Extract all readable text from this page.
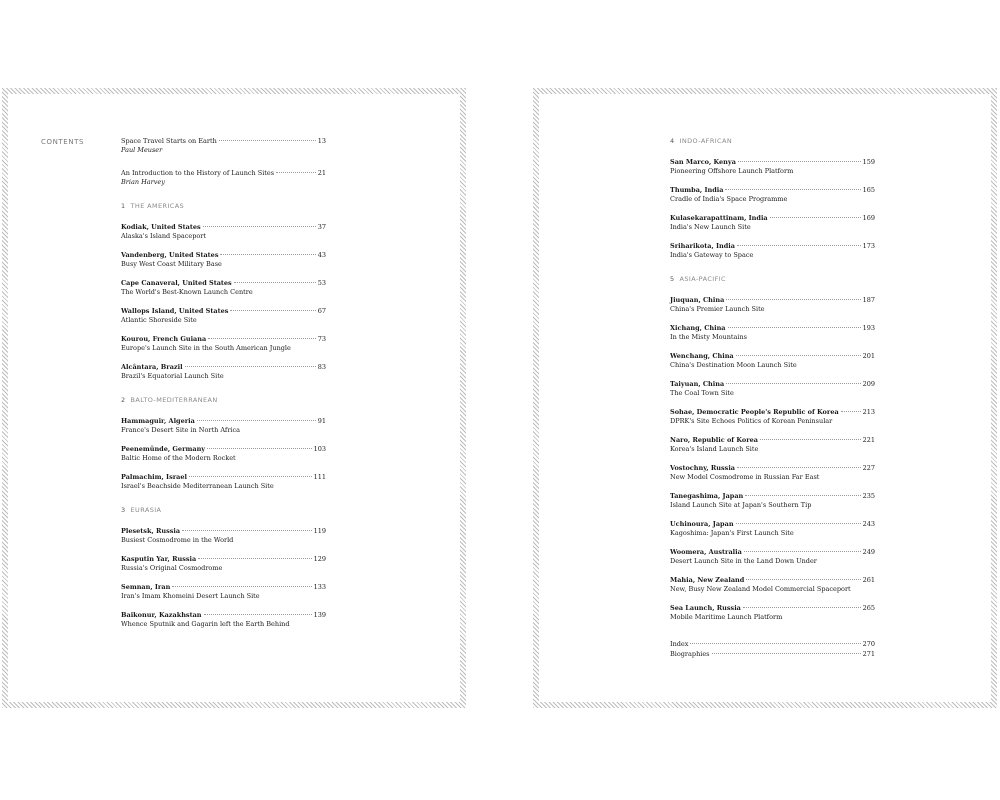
CONTENTS	Space Travel Starts on Earth	13
Paul Meuser
An Introduction to the History of Launch Sites	21
Brian Harvey
1 THE AMERICAS
Kodiak, United States	37
Alaska's Island Spaceport
Vandenberg, United States	43
Busy West Coast Military Base
Cape Canaveral, United States	53
The World's Best-Known Launch Centre
Wallops Island, United States	67
Atlantic Shoreside Site
Kourou, French Guiana	73
Europe's Launch Site in the South American Jungle
Alcântara, Brazil	83
Brazil's Equatorial Launch Site
2 BALTO-MEDITERRANEAN
Hammaguir, Algeria	91
France's Desert Site in North Africa
Peenemünde, Germany	103
Baltic Home of the Modern Rocket
Palmachim, Israel	111
Israel's Beachside Mediterranean Launch Site
3 EURASIA
Plesetsk, Russia	119
Busiest Cosmodrome in the World
Kasputin Yar, Russia	129
Russia's Original Cosmodrome
Semnan, Iran	133
Iran's Imam Khomeini Desert Launch Site
Baikonur, Kazakhstan	139
Whence Sputnik and Gagarin left the Earth Behind
4 INDO-AFRICAN
San Marco, Kenya	159
Pioneering Offshore Launch Platform
Thumba, India	165
Cradle of India's Space Programme
Kulasekarapattinam, India	169
India's New Launch Site
Sriharikota, India	173
India's Gateway to Space
5 ASIA-PACIFIC
Jiuquan, China	187
China's Premier Launch Site
Xichang, China	193
In the Misty Mountains
Wenchang, China	201
China's Destination Moon Launch Site
Taiyuan, China	209
The Coal Town Site
Sohae, Democratic People's Republic of Korea	213
DPRK's Site Echoes Politics of Korean Peninsular
Naro, Republic of Korea	221
Korea's Island Launch Site
Vostochny, Russia	227
New Model Cosmodrome in Russian Far East
Tanegashima, Japan	235
Island Launch Site at Japan's Southern Tip
Uchinoura, Japan	243
Kagoshima: Japan's First Launch Site
Woomera, Australia	249
Desert Launch Site in the Land Down Under
Mahia, New Zealand	261
New, Busy New Zealand Model Commercial Spaceport
Sea Launch, Russia	265
Mobile Maritime Launch Platform
Index	270
Biographies	271
